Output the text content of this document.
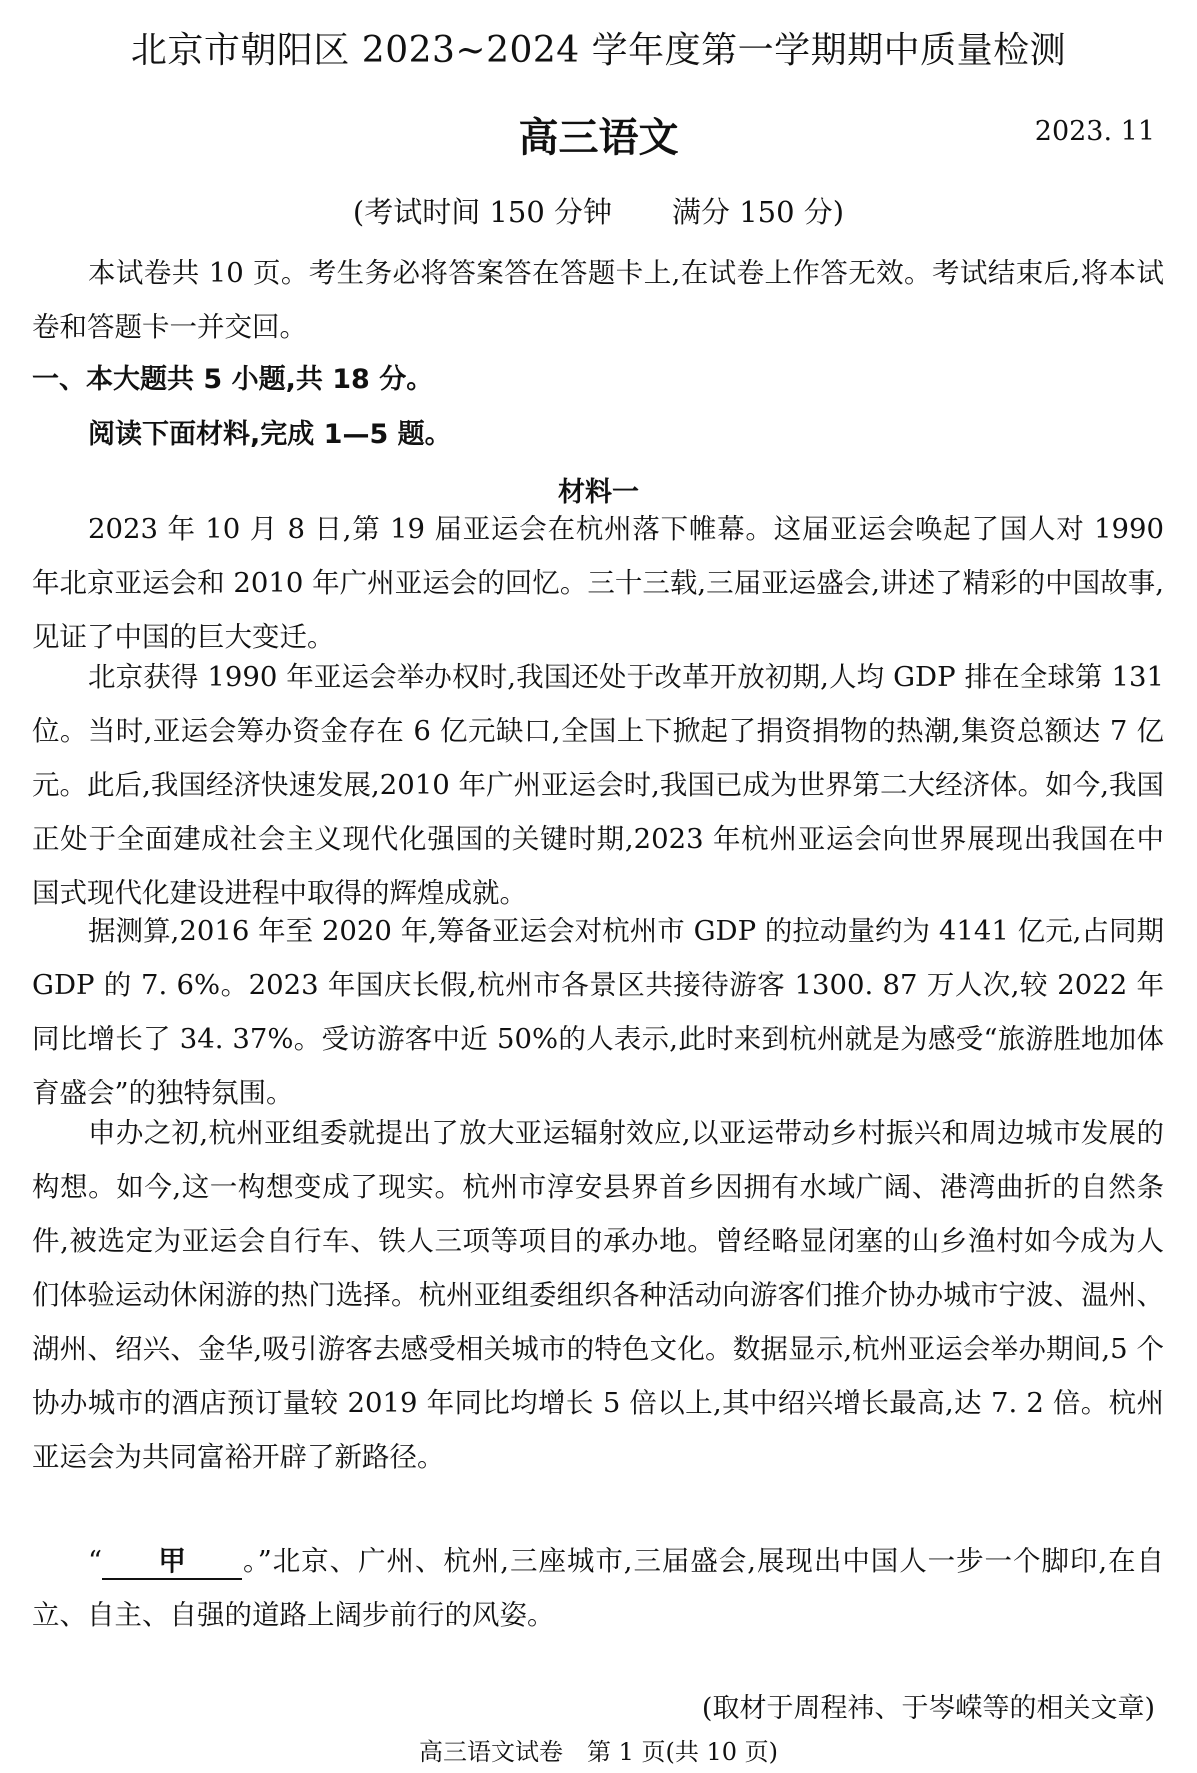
北京市朝阳区 2023~2024 学年度第一学期期中质量检测
高三语文	2023. 11
(考试时间 150 分钟 满分 150 分)

本试卷共 10 页。考生务必将答案答在答题卡上,在试卷上作答无效。考试结束后,将本试卷和答题卡一并交回。

一、本大题共 5 小题,共 18 分。
阅读下面材料,完成 1—5 题。
材料一

2023 年 10 月 8 日,第 19 届亚运会在杭州落下帷幕。这届亚运会唤起了国人对 1990 年北京亚运会和 2010 年广州亚运会的回忆。三十三载,三届亚运盛会,讲述了精彩的中国故事,见证了中国的巨大变迁。

北京获得 1990 年亚运会举办权时,我国还处于改革开放初期,人均 GDP 排在全球第 131 位。当时,亚运会筹办资金存在 6 亿元缺口,全国上下掀起了捐资捐物的热潮,集资总额达 7 亿元。此后,我国经济快速发展,2010 年广州亚运会时,我国已成为世界第二大经济体。如今,我国正处于全面建成社会主义现代化强国的关键时期,2023 年杭州亚运会向世界展现出我国在中国式现代化建设进程中取得的辉煌成就。

据测算,2016 年至 2020 年,筹备亚运会对杭州市 GDP 的拉动量约为 4141 亿元,占同期 GDP 的 7. 6%。2023 年国庆长假,杭州市各景区共接待游客 1300. 87 万人次,较 2022 年同比增长了 34. 37%。受访游客中近 50%的人表示,此时来到杭州就是为感受“旅游胜地加体育盛会”的独特氛围。

申办之初,杭州亚组委就提出了放大亚运辐射效应,以亚运带动乡村振兴和周边城市发展的构想。如今,这一构想变成了现实。杭州市淳安县界首乡因拥有水域广阔、港湾曲折的自然条件,被选定为亚运会自行车、铁人三项等项目的承办地。曾经略显闭塞的山乡渔村如今成为人们体验运动休闲游的热门选择。杭州亚组委组织各种活动向游客们推介协办城市宁波、温州、湖州、绍兴、金华,吸引游客去感受相关城市的特色文化。数据显示,杭州亚运会举办期间,5 个协办城市的酒店预订量较 2019 年同比均增长 5 倍以上,其中绍兴增长最高,达 7. 2 倍。杭州亚运会为共同富裕开辟了新路径。

“ 甲 。”北京、广州、杭州,三座城市,三届盛会,展现出中国人一步一个脚印,在自立、自主、自强的道路上阔步前行的风姿。

(取材于周程祎、于岑嵘等的相关文章)
高三语文试卷　第 1 页(共 10 页)
